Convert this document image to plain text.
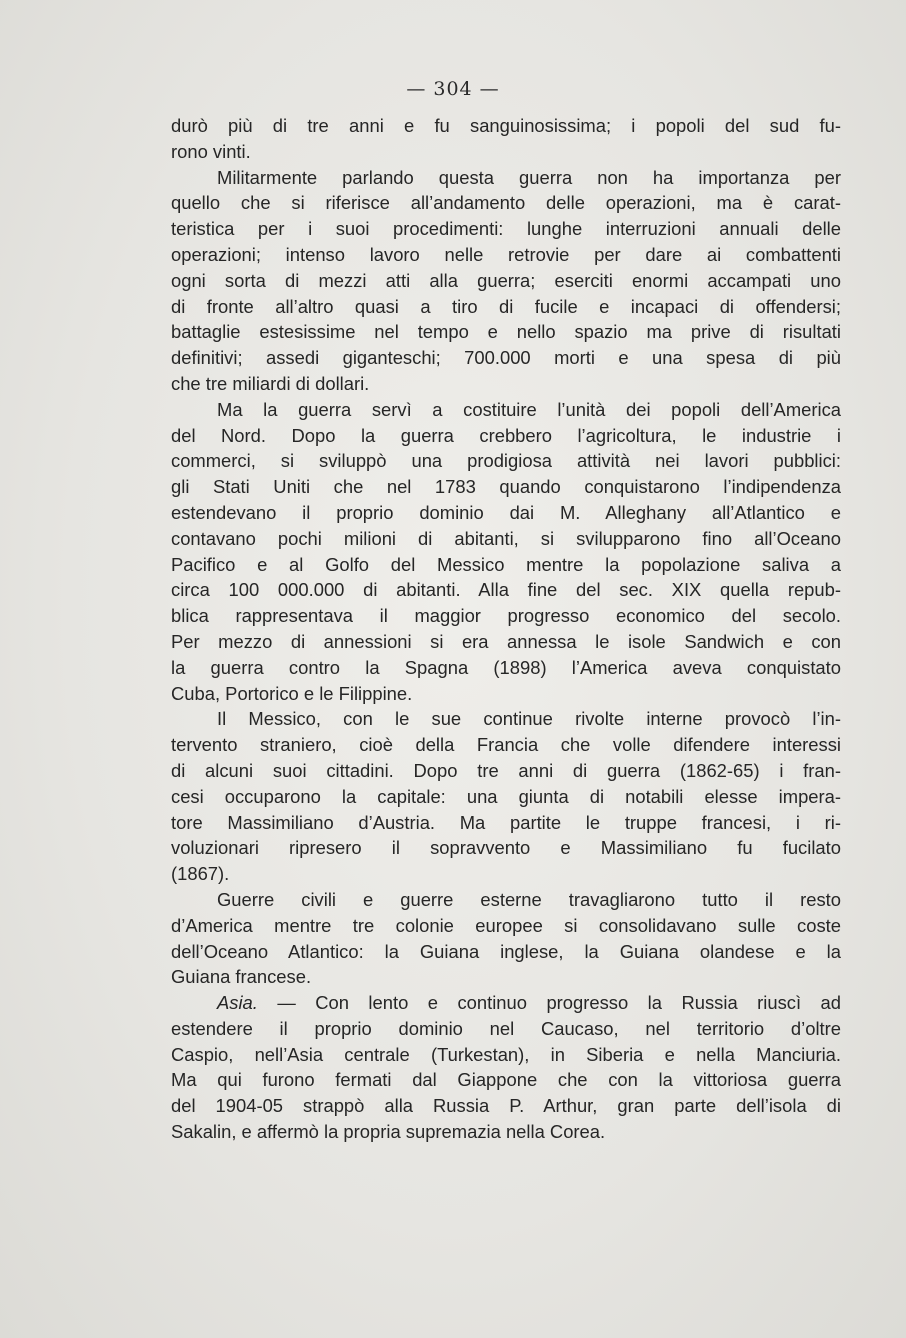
— 304 —
durò più di tre anni e fu sanguinosissima; i popoli del sud fu-
rono vinti.
Militarmente parlando questa guerra non ha importanza per
quello che si riferisce all’andamento delle operazioni, ma è carat-
teristica per i suoi procedimenti: lunghe interruzioni annuali delle
operazioni; intenso lavoro nelle retrovie per dare ai combattenti
ogni sorta di mezzi atti alla guerra; eserciti enormi accampati uno
di fronte all’altro quasi a tiro di fucile e incapaci di offendersi;
battaglie estesissime nel tempo e nello spazio ma prive di risultati
definitivi; assedi giganteschi; 700.000 morti e una spesa di più
che tre miliardi di dollari.
Ma la guerra servì a costituire l’unità dei popoli dell’America
del Nord. Dopo la guerra crebbero l’agricoltura, le industrie i
commerci, si sviluppò una prodigiosa attività nei lavori pubblici:
gli Stati Uniti che nel 1783 quando conquistarono l’indipendenza
estendevano il proprio dominio dai M. Alleghany all’Atlantico e
contavano pochi milioni di abitanti, si svilupparono fino all’Oceano
Pacifico e al Golfo del Messico mentre la popolazione saliva a
circa 100 000.000 di abitanti. Alla fine del sec. XIX quella repub-
blica rappresentava il maggior progresso economico del secolo.
Per mezzo di annessioni si era annessa le isole Sandwich e con
la guerra contro la Spagna (1898) l’America aveva conquistato
Cuba, Portorico e le Filippine.
Il Messico, con le sue continue rivolte interne provocò l’in-
tervento straniero, cioè della Francia che volle difendere interessi
di alcuni suoi cittadini. Dopo tre anni di guerra (1862-65) i fran-
cesi occuparono la capitale: una giunta di notabili elesse impera-
tore Massimiliano d’Austria. Ma partite le truppe francesi, i ri-
voluzionari ripresero il sopravvento e Massimiliano fu fucilato
(1867).
Guerre civili e guerre esterne travagliarono tutto il resto
d’America mentre tre colonie europee si consolidavano sulle coste
dell’Oceano Atlantico: la Guiana inglese, la Guiana olandese e la
Guiana francese.
Asia. — Con lento e continuo progresso la Russia riuscì ad
estendere il proprio dominio nel Caucaso, nel territorio d’oltre
Caspio, nell’Asia centrale (Turkestan), in Siberia e nella Manciuria.
Ma qui furono fermati dal Giappone che con la vittoriosa guerra
del 1904-05 strappò alla Russia P. Arthur, gran parte dell’isola di
Sakalin, e affermò la propria supremazia nella Corea.
